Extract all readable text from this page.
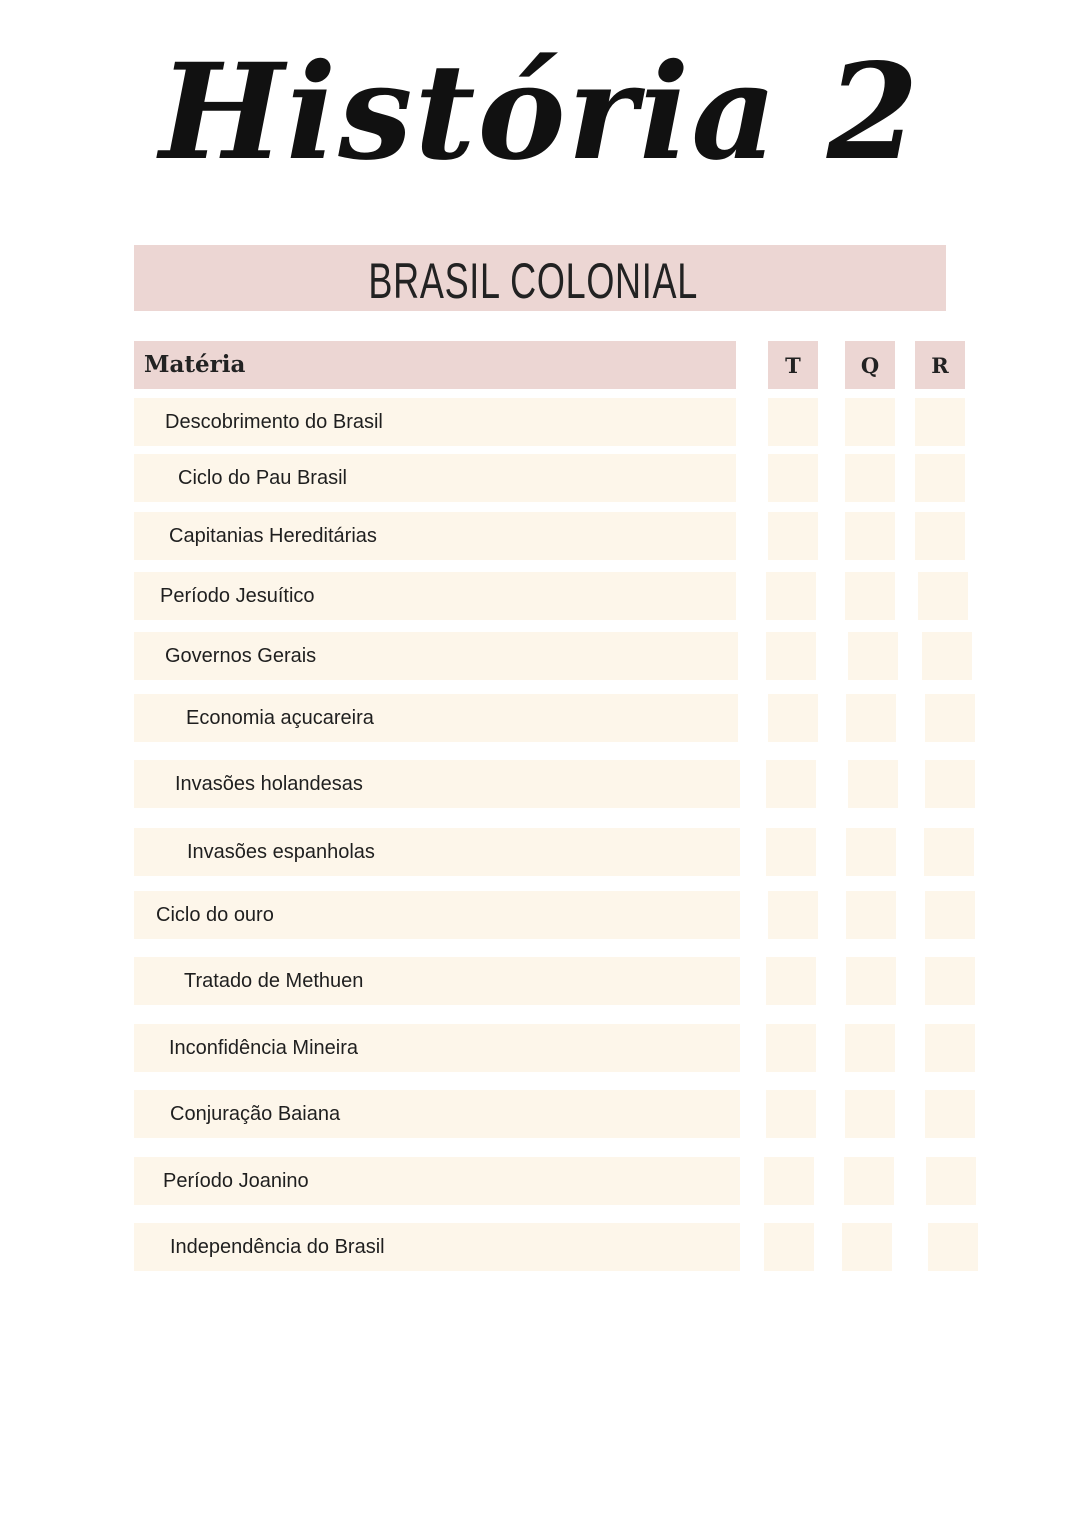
História 2
BRASIL COLONIAL
Matéria	T	Q	R
Descobrimento do Brasil
Ciclo do Pau Brasil
Capitanias Hereditárias
Período Jesuítico
Governos Gerais
Economia açucareira
Invasões holandesas
Invasões espanholas
Ciclo do ouro
Tratado de Methuen
Inconfidência Mineira
Conjuração Baiana
Período Joanino
Independência do Brasil
